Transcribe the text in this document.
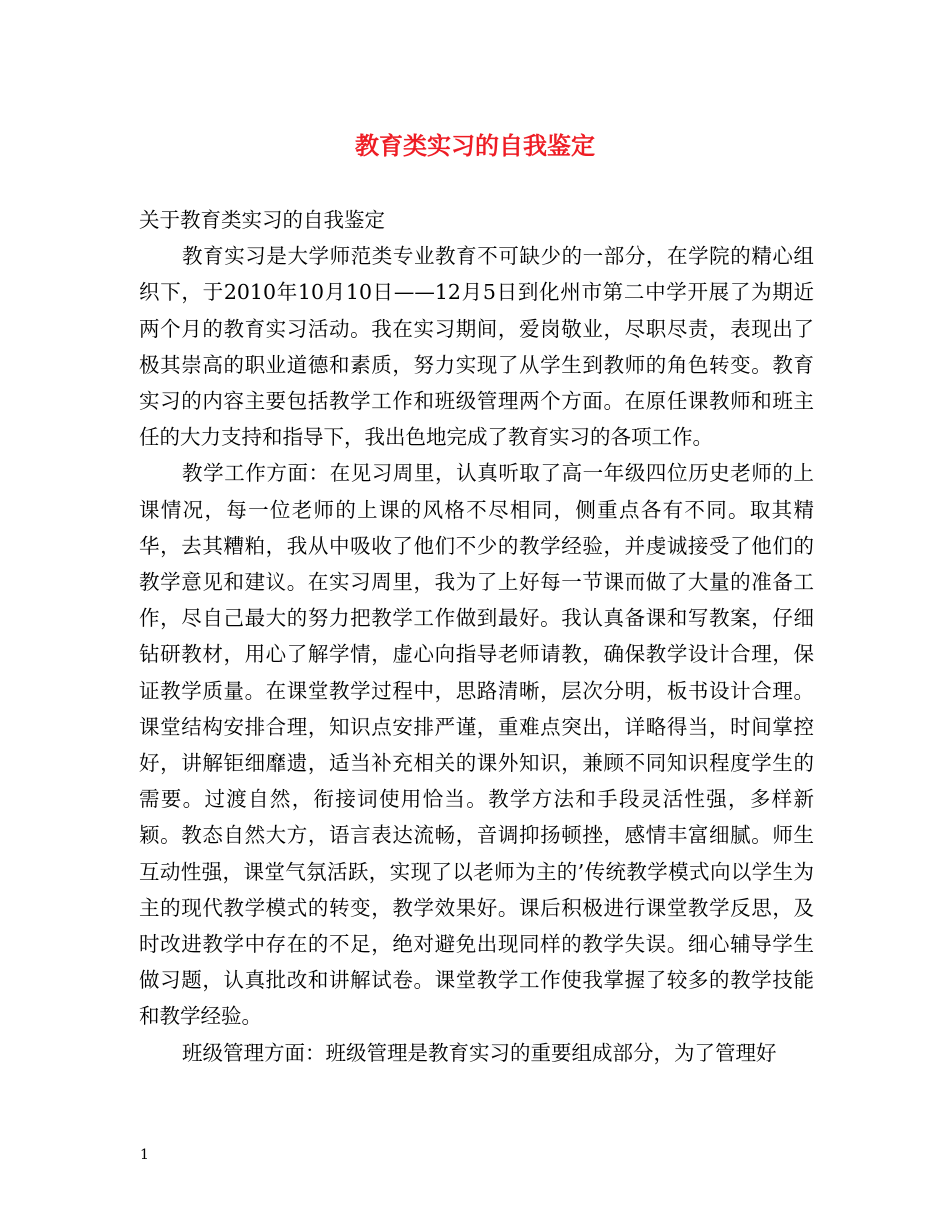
教育类实习的自我鉴定

关于教育类实习的自我鉴定

教育实习是大学师范类专业教育不可缺少的一部分，在学院的精心组织下，于2010年10月10日——12月5日到化州市第二中学开展了为期近两个月的教育实习活动。我在实习期间，爱岗敬业，尽职尽责，表现出了极其崇高的职业道德和素质，努力实现了从学生到教师的角色转变。教育实习的内容主要包括教学工作和班级管理两个方面。在原任课教师和班主任的大力支持和指导下，我出色地完成了教育实习的各项工作。

教学工作方面：在见习周里，认真听取了高一年级四位历史老师的上课情况，每一位老师的上课的风格不尽相同，侧重点各有不同。取其精华，去其糟粕，我从中吸收了他们不少的教学经验，并虔诚接受了他们的教学意见和建议。在实习周里，我为了上好每一节课而做了大量的准备工作，尽自己最大的努力把教学工作做到最好。我认真备课和写教案，仔细钻研教材，用心了解学情，虚心向指导老师请教，确保教学设计合理，保证教学质量。在课堂教学过程中，思路清晰，层次分明，板书设计合理。课堂结构安排合理，知识点安排严谨，重难点突出，详略得当，时间掌控好，讲解钜细靡遗，适当补充相关的课外知识，兼顾不同知识程度学生的需要。过渡自然，衔接词使用恰当。教学方法和手段灵活性强，多样新颖。教态自然大方，语言表达流畅，音调抑扬顿挫，感情丰富细腻。师生互动性强，课堂气氛活跃，实现了以老师为主的’传统教学模式向以学生为主的现代教学模式的转变，教学效果好。课后积极进行课堂教学反思，及时改进教学中存在的不足，绝对避免出现同样的教学失误。细心辅导学生做习题，认真批改和讲解试卷。课堂教学工作使我掌握了较多的教学技能和教学经验。

班级管理方面：班级管理是教育实习的重要组成部分，为了管理好

1
